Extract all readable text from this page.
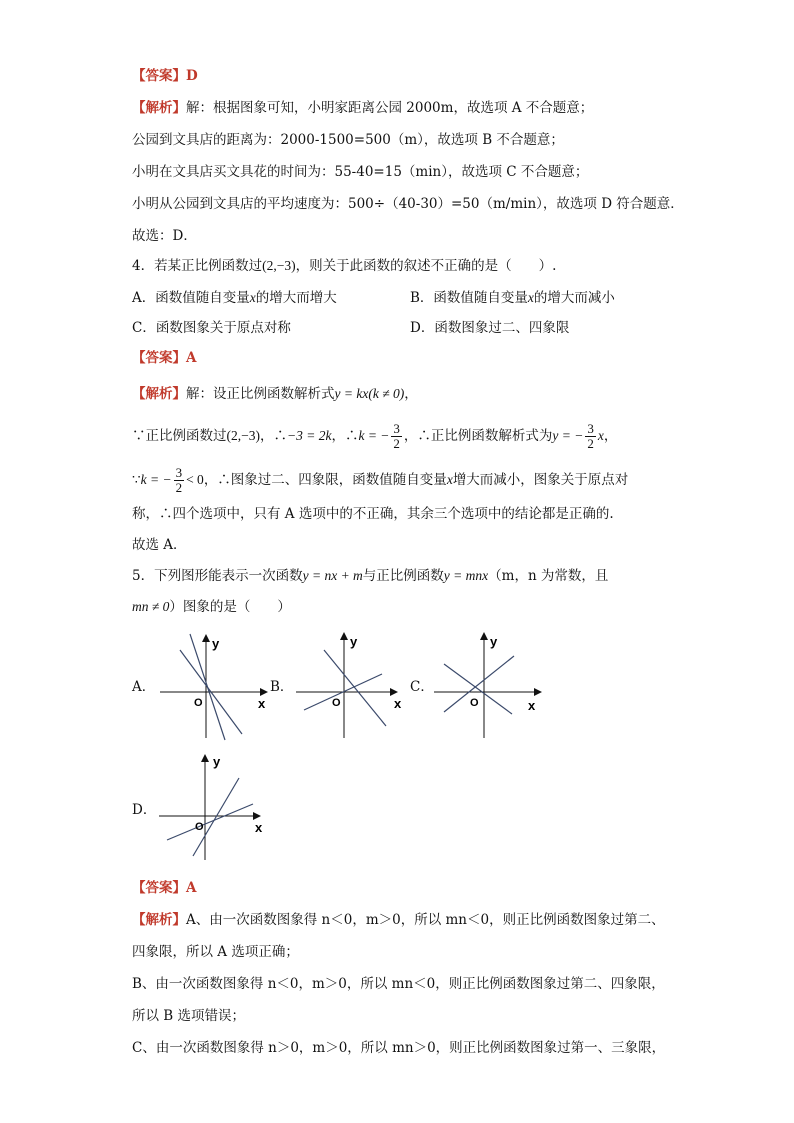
【答案】D
【解析】解：根据图象可知，小明家距离公园 2000m，故选项 A 不合题意；
公园到文具店的距离为：2000-1500=500（m），故选项 B 不合题意；
小明在文具店买文具花的时间为：55-40=15（min），故选项 C 不合题意；
小明从公园到文具店的平均速度为：500÷（40-30）=50（m/min），故选项 D 符合题意．
故选：D．
4．若某正比例函数过(2,−3)，则关于此函数的叙述不正确的是（　　）.
A．函数值随自变量x的增大而增大	B．函数值随自变量x的增大而减小
C．函数图象关于原点对称	D．函数图象过二、四象限
【答案】A
【解析】解：设正比例函数解析式y = kx(k ≠ 0)，
∵正比例函数过(2,−3)，∴−3 = 2k，∴k = − $\frac{3}{2}$ ，∴正比例函数解析式为y = − $\frac{3}{2}$ x，
∵k = − $\frac{3}{2} < 0$，∴图象过二、四象限，函数值随自变量x增大而减小，图象关于原点对
称，∴四个选项中，只有 A 选项中的不正确，其余三个选项中的结论都是正确的.
故选 A．
5．下列图形能表示一次函数y = nx + m与正比例函数y = mnx（m，n 为常数，且
mn ≠ 0）图象的是（　　）
A．	B．	C．
D．
y
x
O
y
x
O
y
x
O
y
x
O
【答案】A
【解析】A、由一次函数图象得 n＜0，m＞0，所以 mn＜0，则正比例函数图象过第二、
四象限，所以 A 选项正确；
B、由一次函数图象得 n＜0，m＞0，所以 mn＜0，则正比例函数图象过第二、四象限，
所以 B 选项错误；
C、由一次函数图象得 n＞0，m＞0，所以 mn＞0，则正比例函数图象过第一、三象限，
